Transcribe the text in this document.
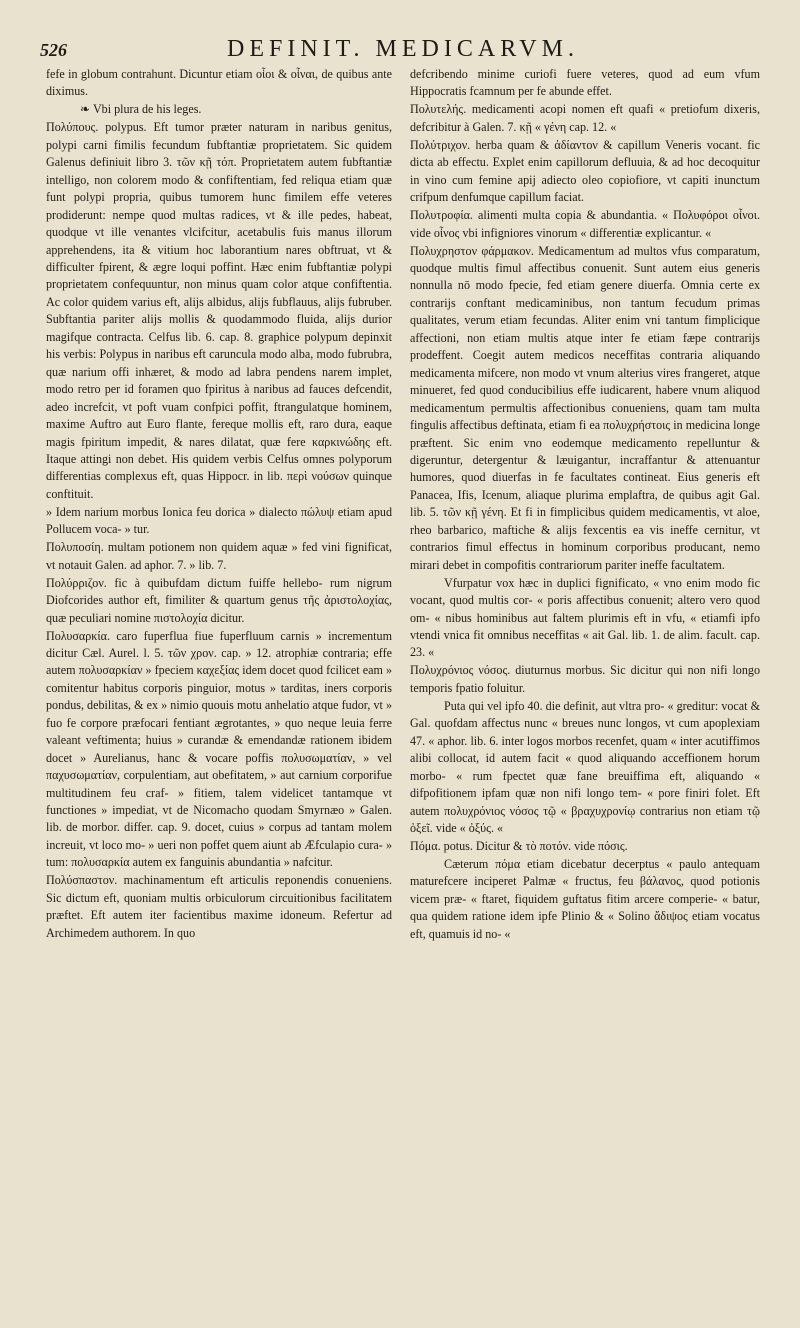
526	DEFINIT. MEDICARVM.

fefe in globum contrahunt. Dicuntur etiam οἷοι & οἷναι, de quibus ante diximus.

❧ Vbi plura de his leges.

Πολύπους. polypus. Eft tumor præter naturam in naribus genitus, polypi carni fimilis fecundum fubftantiæ proprietatem. Sic quidem Galenus definiuit libro 3. τῶν κῇ τόπ. Proprietatem autem fubftantiæ intelligo, non colorem modo & confiftentiam, fed reliqua etiam quæ funt polypi propria, quibus tumorem hunc fimilem effe veteres prodiderunt: nempe quod multas radices, vt & ille pedes, habeat, quodque vt ille venantes vlcifcitur, acetabulis fuis manus illorum apprehendens, ita & vitium hoc laborantium nares obftruat, vt & difficulter fpirent, & ægre loqui poffint. Hæc enim fubftantiæ polypi proprietatem confequuntur, non minus quam color atque confiftentia. Ac color quidem varius eft, alijs albidus, alijs fubflauus, alijs fubruber. Subftantia pariter alijs mollis & quodammodo fluida, alijs durior magifque contracta. Celfus lib. 6. cap. 8. graphice polypum depinxit his verbis: Polypus in naribus eft caruncula modo alba, modo fubrubra, quæ narium offi inhæret, & modo ad labra pendens narem implet, modo retro per id foramen quo fpiritus à naribus ad fauces defcendit, adeo increfcit, vt poft vuam confpici poffit, ftrangulatque hominem, maxime Auftro aut Euro flante, fereque mollis eft, raro dura, eaque magis fpiritum impedit, & nares dilatat, quæ fere καρκινώδης eft. Itaque attingi non debet. His quidem verbis Celfus omnes polyporum differentias complexus eft, quas Hippocr. in lib. περὶ νούσων quinque conftituit.

» Idem narium morbus Ionica feu dorica » dialecto πώλυψ etiam apud Pollucem voca- » tur.

Πολυποσίη. multam potionem non quidem aquæ » fed vini fignificat, vt notauit Galen. ad aphor. 7. » lib. 7.

Πολύρριζον. fic à quibufdam dictum fuiffe hellebo- rum nigrum Diofcorides author eft, fimiliter & quartum genus τῆς ἀριστολοχίας, quæ peculiari nomine πιστολοχία dicitur.

Πολυσαρκία. caro fuperflua fiue fuperfluum carnis » incrementum dicitur Cæl. Aurel. l. 5. τῶν χρον. cap. » 12. atrophiæ contraria; effe autem πολυσαρκίαν » fpeciem καχεξίας idem docet quod fcilicet eam » comitentur habitus corporis pinguior, motus » tarditas, iners corporis pondus, debilitas, & ex » nimio quouis motu anhelatio atque fudor, vt » fuo fe corpore præfocari fentiant ægrotantes, » quo neque leuia ferre valeant veftimenta; huius » curandæ & emendandæ rationem ibidem docet » Aurelianus, hanc & vocare poffis πολυσωματίαν, » vel παχυσωματίαν, corpulentiam, aut obefitatem, » aut carnium corporifue multitudinem feu craf- » fitiem, talem videlicet tantamque vt functiones » impediat, vt de Nicomacho quodam Smyrnæo » Galen. lib. de morbor. differ. cap. 9. docet, cuius » corpus ad tantam molem increuit, vt loco mo- » ueri non poffet quem aiunt ab Æfculapio cura- » tum: πολυσαρκία autem ex fanguinis abundantia » nafcitur.

Πολύσπαστον. machinamentum eft articulis reponendis conueniens. Sic dictum eft, quoniam multis orbiculorum circuitionibus facilitatem præftet. Eft autem iter facientibus maxime idoneum. Refertur ad Archimedem authorem. In quo

defcribendo minime curiofi fuere veteres, quod ad eum vfum Hippocratis fcamnum per fe abunde effet.

Πολυτελής. medicamenti acopi nomen eft quafi « pretiofum dixeris, defcribitur à Galen. 7. κῇ « γένη cap. 12. «

Πολύτριχον. herba quam & ἀδίαντον & capillum Veneris vocant. fic dicta ab effectu. Explet enim capillorum defluuia, & ad hoc decoquitur in vino cum femine apij adiecto oleo copiofiore, vt capiti inunctum crifpum denfumque capillum faciat.

Πολυτροφία. alimenti multa copia & abundantia. « Πολυφόροι οἶνοι. vide οἶνος vbi infigniores vinorum « differentiæ explicantur. «

Πολυχρηστον φάρμακον. Medicamentum ad multos vfus comparatum, quodque multis fimul affectibus conuenit. Sunt autem eius generis nonnulla nō modo fpecie, fed etiam genere diuerfa. Omnia certe ex contrarijs conftant medicaminibus, non tantum fecudum primas qualitates, verum etiam fecundas. Aliter enim vni tantum fimplicique affectioni, non etiam multis atque inter fe etiam fæpe contrarijs prodeffent. Coegit autem medicos neceffitas contraria aliquando medicamenta mifcere, non modo vt vnum alterius vires frangeret, atque minueret, fed quod conducibilius effe iudicarent, habere vnum aliquod medicamentum permultis affectionibus conueniens, quam tam multa fingulis affectibus deftinata, etiam fi ea πολυχρήστοις in medicina longe præftent. Sic enim vno eodemque medicamento repelluntur & digeruntur, detergentur & læuigantur, incraffantur & attenuantur humores, quod diuerfas in fe facultates contineat. Eius generis eft Panacea, Ifis, Icenum, aliaque plurima emplaftra, de quibus agit Gal. lib. 5. τῶν κῇ γένη. Et fi in fimplicibus quidem medicamentis, vt aloe, rheo barbarico, maftiche & alijs fexcentis ea vis ineffe cernitur, vt contrarios fimul effectus in hominum corporibus producant, nemo mirari debet in compofitis contrariorum pariter ineffe facultatem.

Vfurpatur vox hæc in duplici fignificato, « vno enim modo fic vocant, quod multis cor- « poris affectibus conuenit; altero vero quod om- « nibus hominibus aut faltem plurimis eft in vfu, « etiamfi ipfo vtendi vnica fit omnibus neceffitas « ait Gal. lib. 1. de alim. facult. cap. 23. «

Πολυχρόνιος νόσος. diuturnus morbus. Sic dicitur qui non nifi longo temporis fpatio foluitur.

Puta qui vel ipfo 40. die definit, aut vltra pro- « greditur: vocat & Gal. quofdam affectus nunc « breues nunc longos, vt cum apoplexiam 47. « aphor. lib. 6. inter logos morbos recenfet, quam « inter acutiffimos alibi collocat, id autem facit « quod aliquando acceffionem horum morbo- « rum fpectet quæ fane breuiffima eft, aliquando « difpofitionem ipfam quæ non nifi longo tem- « pore finiri folet. Eft autem πολυχρόνιος νόσος τῷ « βραχυχρονίῳ contrarius non etiam τῷ ὀξεῖ. vide « ὀξύς. «

Πόμα. potus. Dicitur & τὸ ποτόν. vide πόσις.

Cæterum πόμα etiam dicebatur decerptus « paulo antequam maturefcere inciperet Palmæ « fructus, feu βάλανος, quod potionis vicem præ- « ftaret, fiquidem guftatus fitim arcere comperie- « batur, qua quidem ratione idem ipfe Plinio & « Solino ἄδιψος etiam vocatus eft, quamuis id no- «
